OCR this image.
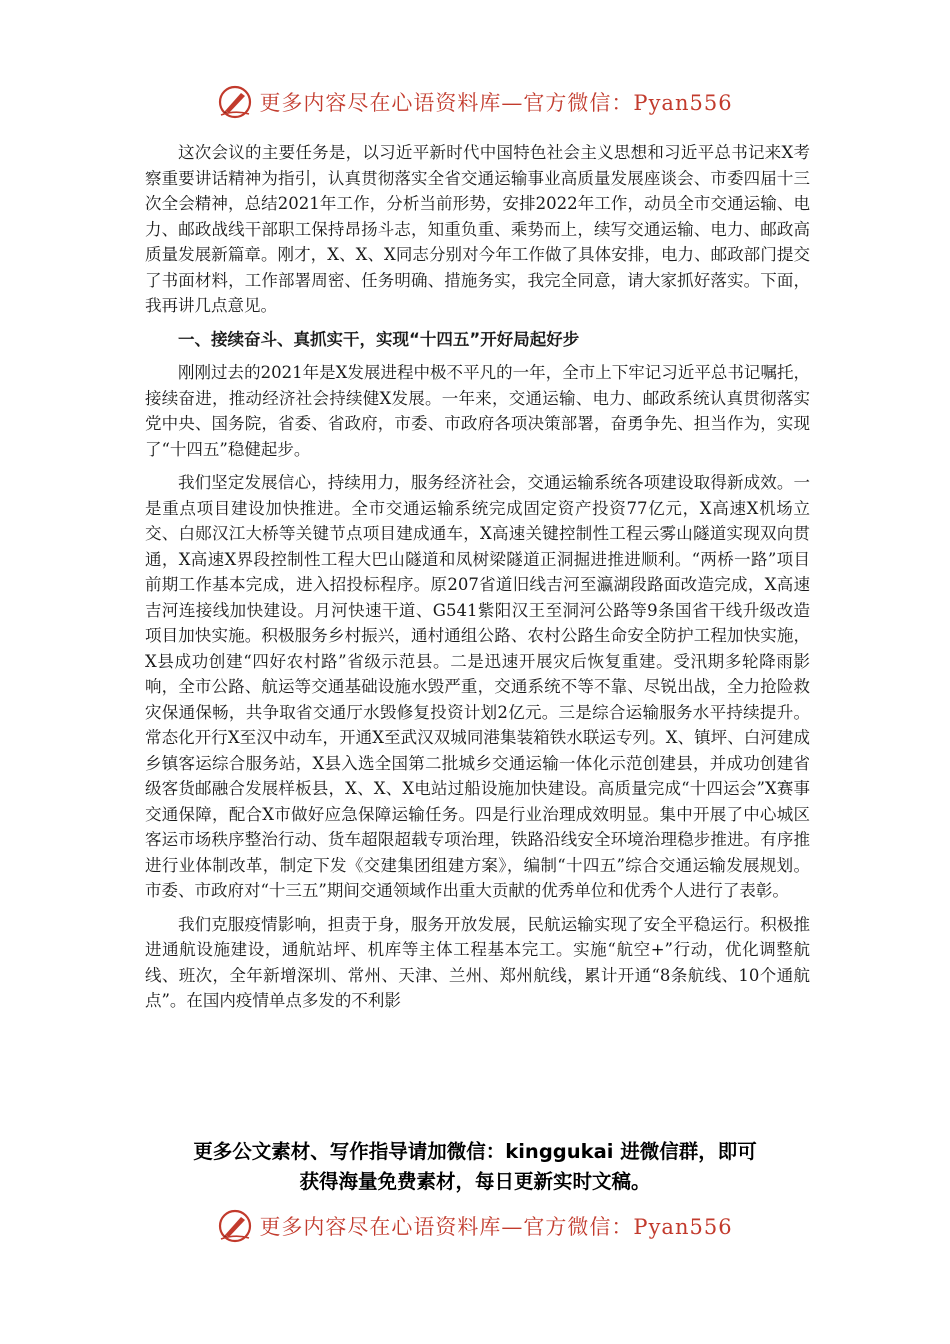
更多内容尽在心语资料库—官方微信：Pyan556

这次会议的主要任务是，以习近平新时代中国特色社会主义思想和习近平总书记来X考察重要讲话精神为指引，认真贯彻落实全省交通运输事业高质量发展座谈会、市委四届十三次全会精神，总结2021年工作，分析当前形势，安排2022年工作，动员全市交通运输、电力、邮政战线干部职工保持昂扬斗志，知重负重、乘势而上，续写交通运输、电力、邮政高质量发展新篇章。刚才，X、X、X同志分别对今年工作做了具体安排，电力、邮政部门提交了书面材料，工作部署周密、任务明确、措施务实，我完全同意，请大家抓好落实。下面，我再讲几点意见。

一、接续奋斗、真抓实干，实现“十四五”开好局起好步

刚刚过去的2021年是X发展进程中极不平凡的一年，全市上下牢记习近平总书记嘱托，接续奋进，推动经济社会持续健X发展。一年来，交通运输、电力、邮政系统认真贯彻落实党中央、国务院，省委、省政府，市委、市政府各项决策部署，奋勇争先、担当作为，实现了“十四五”稳健起步。

我们坚定发展信心，持续用力，服务经济社会，交通运输系统各项建设取得新成效。一是重点项目建设加快推进。全市交通运输系统完成固定资产投资77亿元，X高速X机场立交、白郧汉江大桥等关键节点项目建成通车，X高速关键控制性工程云雾山隧道实现双向贯通，X高速X界段控制性工程大巴山隧道和凤树梁隧道正洞掘进推进顺利。“两桥一路”项目前期工作基本完成，进入招投标程序。原207省道旧线吉河至瀛湖段路面改造完成，X高速吉河连接线加快建设。月河快速干道、G541紫阳汉王至洞河公路等9条国省干线升级改造项目加快实施。积极服务乡村振兴，通村通组公路、农村公路生命安全防护工程加快实施，X县成功创建“四好农村路”省级示范县。二是迅速开展灾后恢复重建。受汛期多轮降雨影响，全市公路、航运等交通基础设施水毁严重，交通系统不等不靠、尽锐出战，全力抢险救灾保通保畅，共争取省交通厅水毁修复投资计划2亿元。三是综合运输服务水平持续提升。常态化开行X至汉中动车，开通X至武汉双城同港集装箱铁水联运专列。X、镇坪、白河建成乡镇客运综合服务站，X县入选全国第二批城乡交通运输一体化示范创建县，并成功创建省级客货邮融合发展样板县，X、X、X电站过船设施加快建设。高质量完成“十四运会”X赛事交通保障，配合X市做好应急保障运输任务。四是行业治理成效明显。集中开展了中心城区客运市场秩序整治行动、货车超限超载专项治理，铁路沿线安全环境治理稳步推进。有序推进行业体制改革，制定下发《交建集团组建方案》，编制“十四五”综合交通运输发展规划。市委、市政府对“十三五”期间交通领域作出重大贡献的优秀单位和优秀个人进行了表彰。

我们克服疫情影响，担责于身，服务开放发展，民航运输实现了安全平稳运行。积极推进通航设施建设，通航站坪、机库等主体工程基本完工。实施“航空+”行动，优化调整航线、班次，全年新增深圳、常州、天津、兰州、郑州航线，累计开通“8条航线、10个通航点”。在国内疫情单点多发的不利影

更多公文素材、写作指导请加微信：kinggukai 进微信群，即可
获得海量免费素材，每日更新实时文稿。
更多内容尽在心语资料库—官方微信：Pyan556
